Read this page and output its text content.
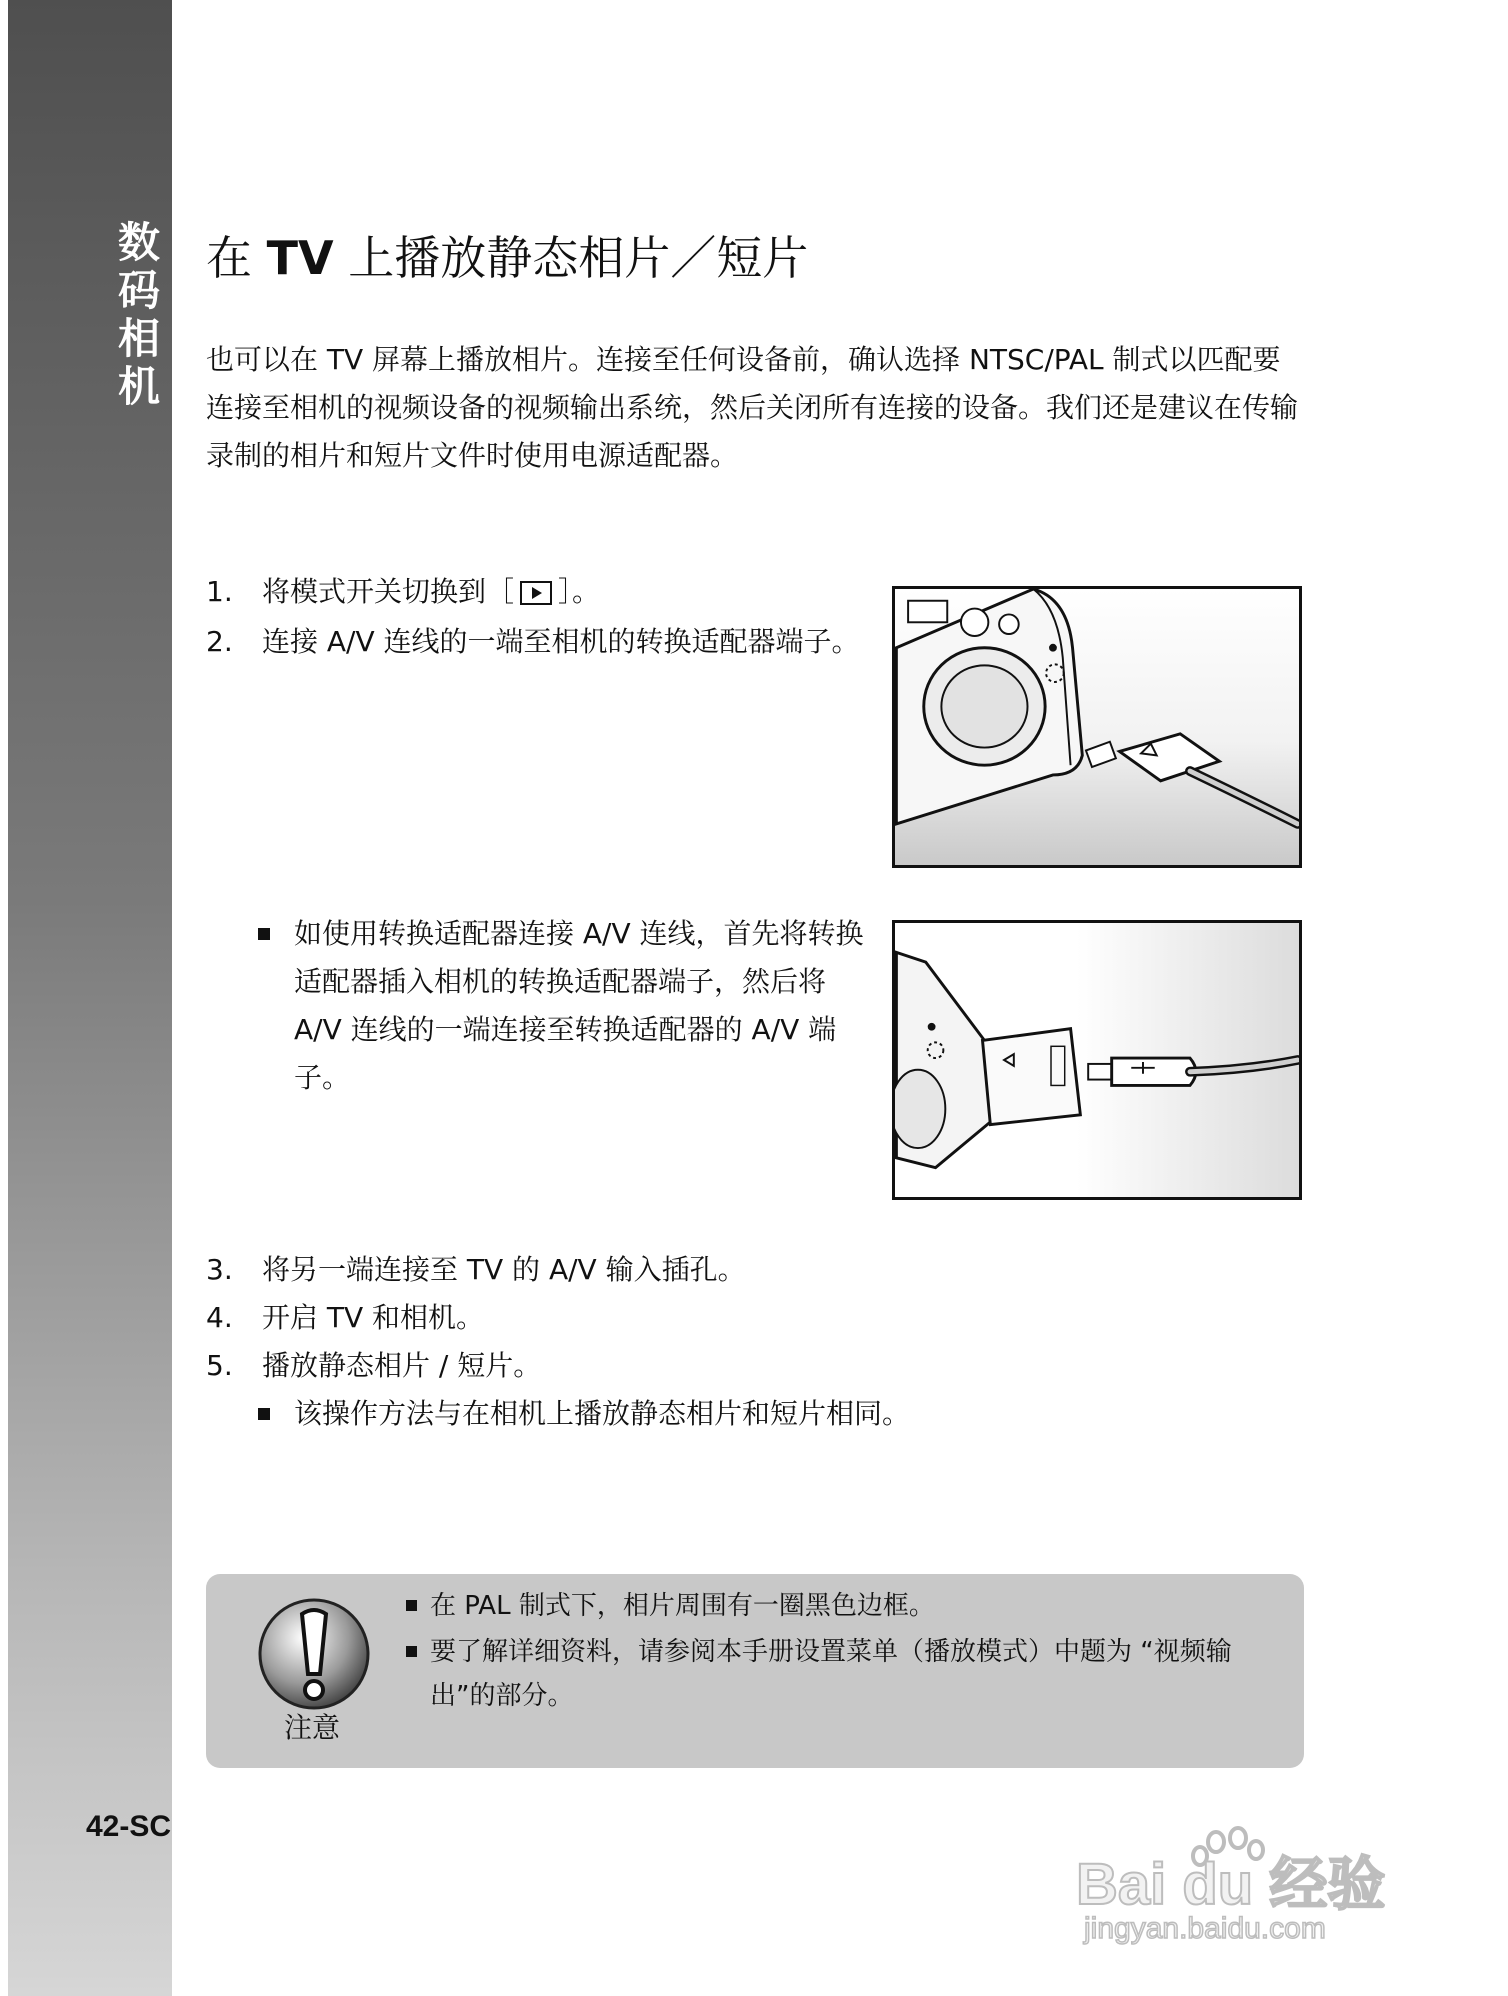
数码相机 在 TV 上播放静态相片／短片

也可以在 TV 屏幕上播放相片。连接至任何设备前，确认选择 NTSC/PAL 制式以匹配要连接至相机的视频设备的视频输出系统，然后关闭所有连接的设备。我们还是建议在传输录制的相片和短片文件时使用电源适配器。

1. 将模式开关切换到［ ］。
2. 连接 A/V 连线的一端至相机的转换适配器端子。
如使用转换适配器连接 A/V 连线，首先将转换适配器插入相机的转换适配器端子，然后将 A/V 连线的一端连接至转换适配器的 A/V 端子。
3. 将另一端连接至 TV 的 A/V 输入插孔。
4. 开启 TV 和相机。
5. 播放静态相片 / 短片。
该操作方法与在相机上播放静态相片和短片相同。
注意
在 PAL 制式下，相片周围有一圈黑色边框。
要了解详细资料，请参阅本手册设置菜单（播放模式）中题为 “视频输出”的部分。
42-SC
Bai du 经验
jingyan.baidu.com
